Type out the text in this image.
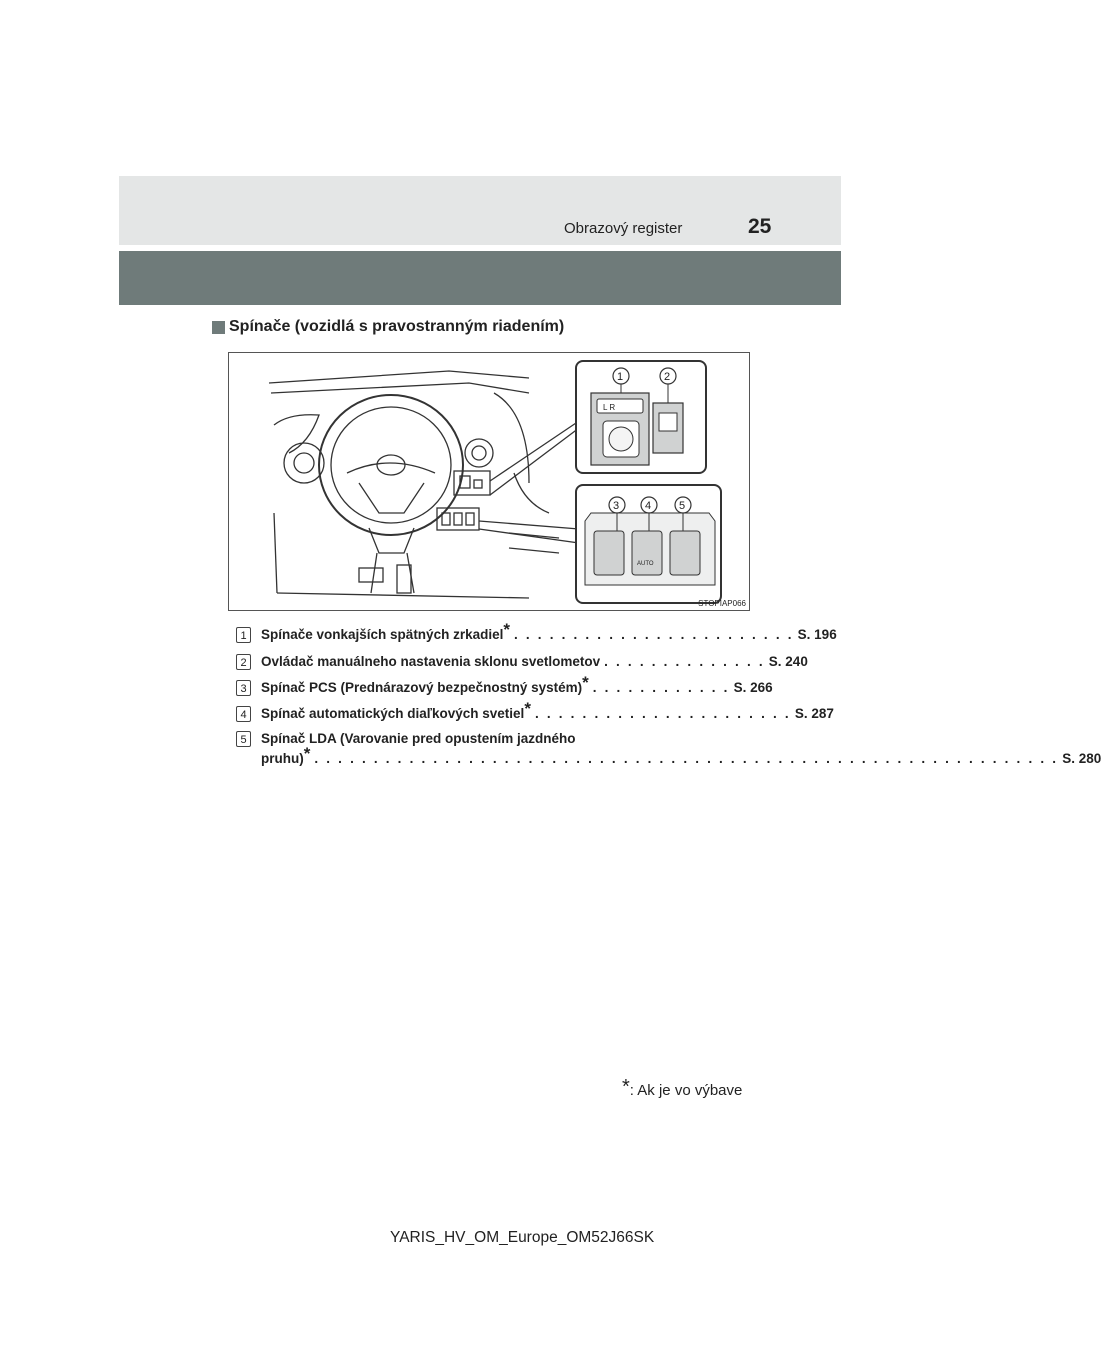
Obrazový register	25
Spínače (vozidlá s pravostranným riadením)
L R
1	2
AUTO
3 4	5
STOPIAP066
1	Spínače vonkajších spätných zrkadiel* . . . . . . . . . . . . . . . . . . . . . . . . S. 196
2	Ovládač manuálneho nastavenia sklonu svetlometov . . . . . . . . . . . . . . S. 240
3	Spínač PCS (Prednárazový bezpečnostný systém)* . . . . . . . . . . . . S. 266
4	Spínač automatických diaľkových svetiel* . . . . . . . . . . . . . . . . . . . . . . S. 287
5	Spínač LDA (Varovanie pred opustením jazdného
pruhu)* . . . . . . . . . . . . . . . . . . . . . . . . . . . . . . . . . . . . . . . . . . . . . . . . . . . . . . . . . . . . . . . S. 280
*: Ak je vo výbave
YARIS_HV_OM_Europe_OM52J66SK
